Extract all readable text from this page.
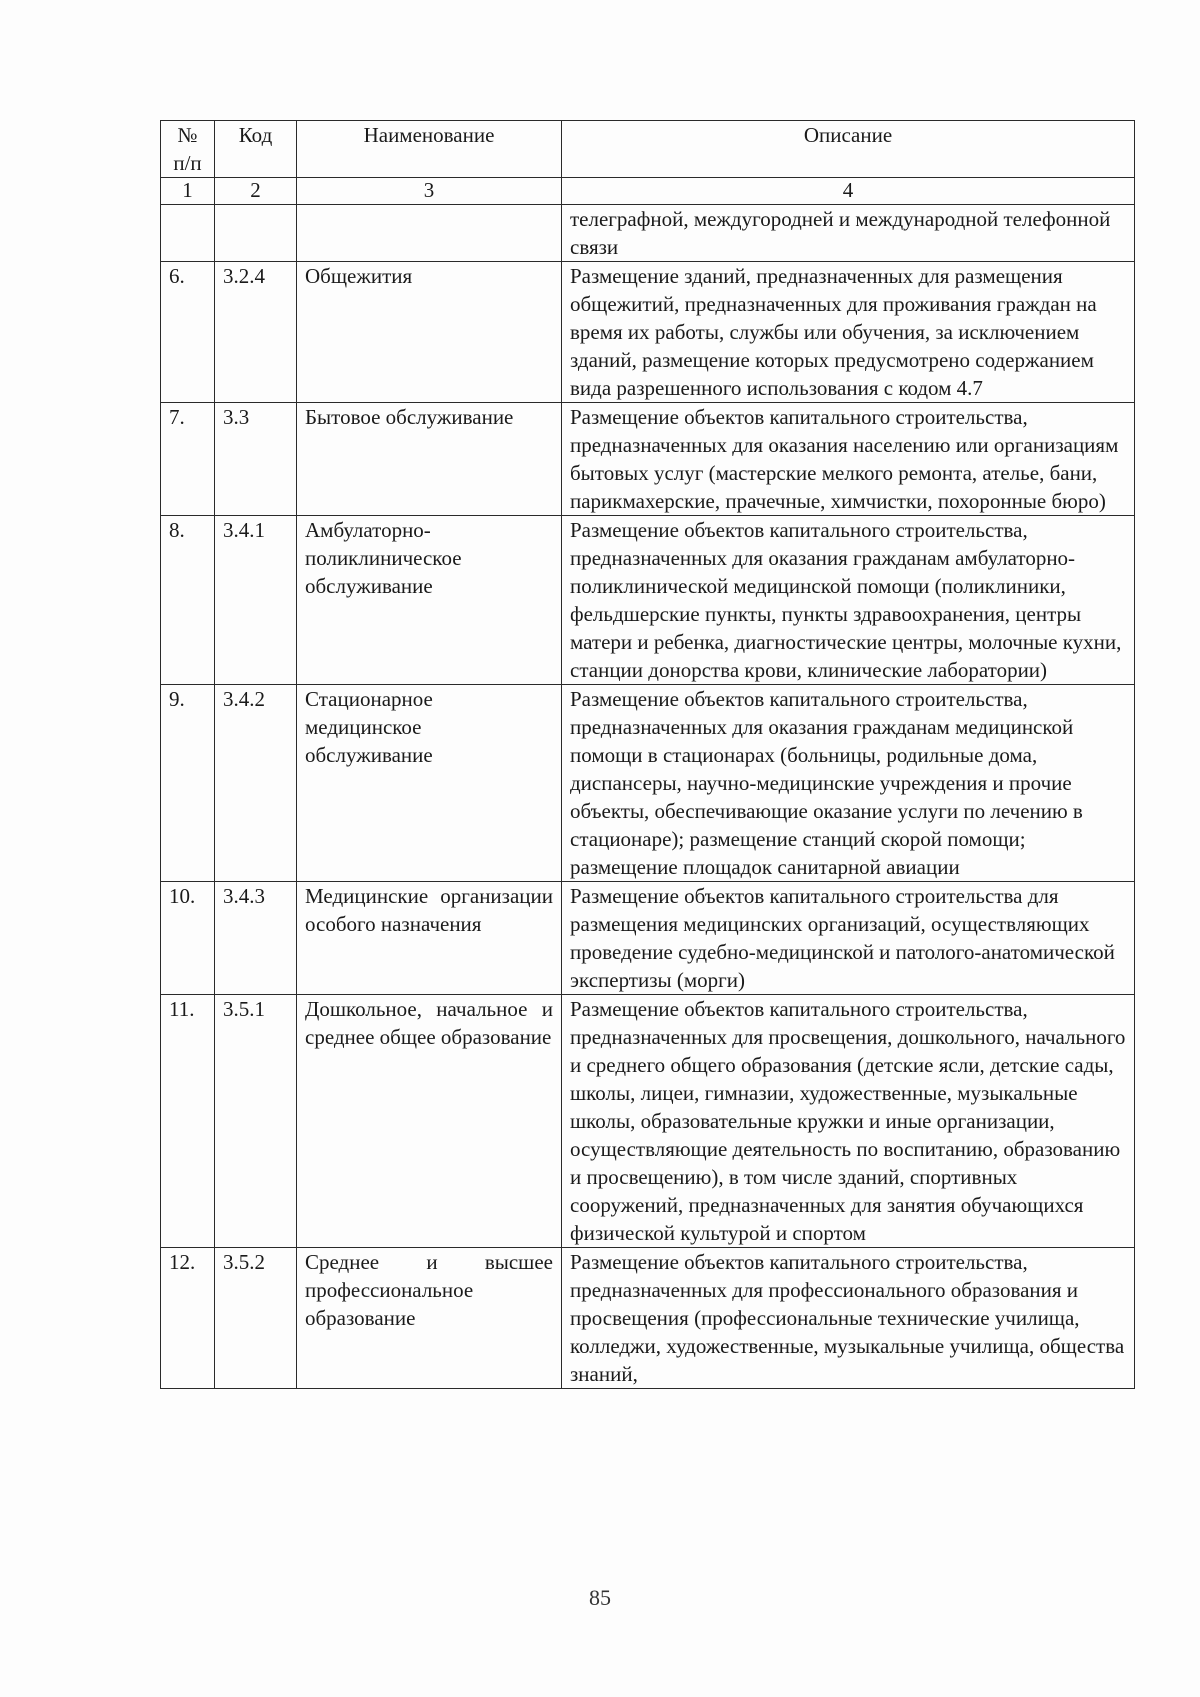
№ п/п	Код	Наименование	Описание
1	2	3	4
			телеграфной, междугородней и международной телефонной связи
6.	3.2.4	Общежития	Размещение зданий, предназначенных для размещения общежитий, предназначенных для проживания граждан на время их работы, службы или обучения, за исключением зданий, размещение которых предусмотрено содержанием вида разрешенного использования с кодом 4.7
7.	3.3	Бытовое обслуживание	Размещение объектов капитального строительства, предназначенных для оказания населению или организациям бытовых услуг (мастерские мелкого ремонта, ателье, бани, парикмахерские, прачечные, химчистки, похоронные бюро)
8.	3.4.1	Амбулаторно-поликлиническое обслуживание	Размещение объектов капитального строительства, предназначенных для оказания гражданам амбулаторно-поликлинической медицинской помощи (поликлиники, фельдшерские пункты, пункты здравоохранения, центры матери и ребенка, диагностические центры, молочные кухни, станции донорства крови, клинические лаборатории)
9.	3.4.2	Стационарное медицинское обслуживание	Размещение объектов капитального строительства, предназначенных для оказания гражданам медицинской помощи в стационарах (больницы, родильные дома, диспансеры, научно-медицинские учреждения и прочие объекты, обеспечивающие оказание услуги по лечению в стационаре); размещение станций скорой помощи; размещение площадок санитарной авиации
10.	3.4.3	Медицинские организации особого назначения	Размещение объектов капитального строительства для размещения медицинских организаций, осуществляющих проведение судебно-медицинской и патолого-анатомической экспертизы (морги)
11.	3.5.1	Дошкольное, начальное и среднее общее образование	Размещение объектов капитального строительства, предназначенных для просвещения, дошкольного, начального и среднего общего образования (детские ясли, детские сады, школы, лицеи, гимназии, художественные, музыкальные школы, образовательные кружки и иные организации, осуществляющие деятельность по воспитанию, образованию и просвещению), в том числе зданий, спортивных сооружений, предназначенных для занятия обучающихся физической культурой и спортом
12.	3.5.2	Среднее и высшее профессиональное образование	Размещение объектов капитального строительства, предназначенных для профессионального образования и просвещения (профессиональные технические училища, колледжи, художественные, музыкальные училища, общества знаний,
85
